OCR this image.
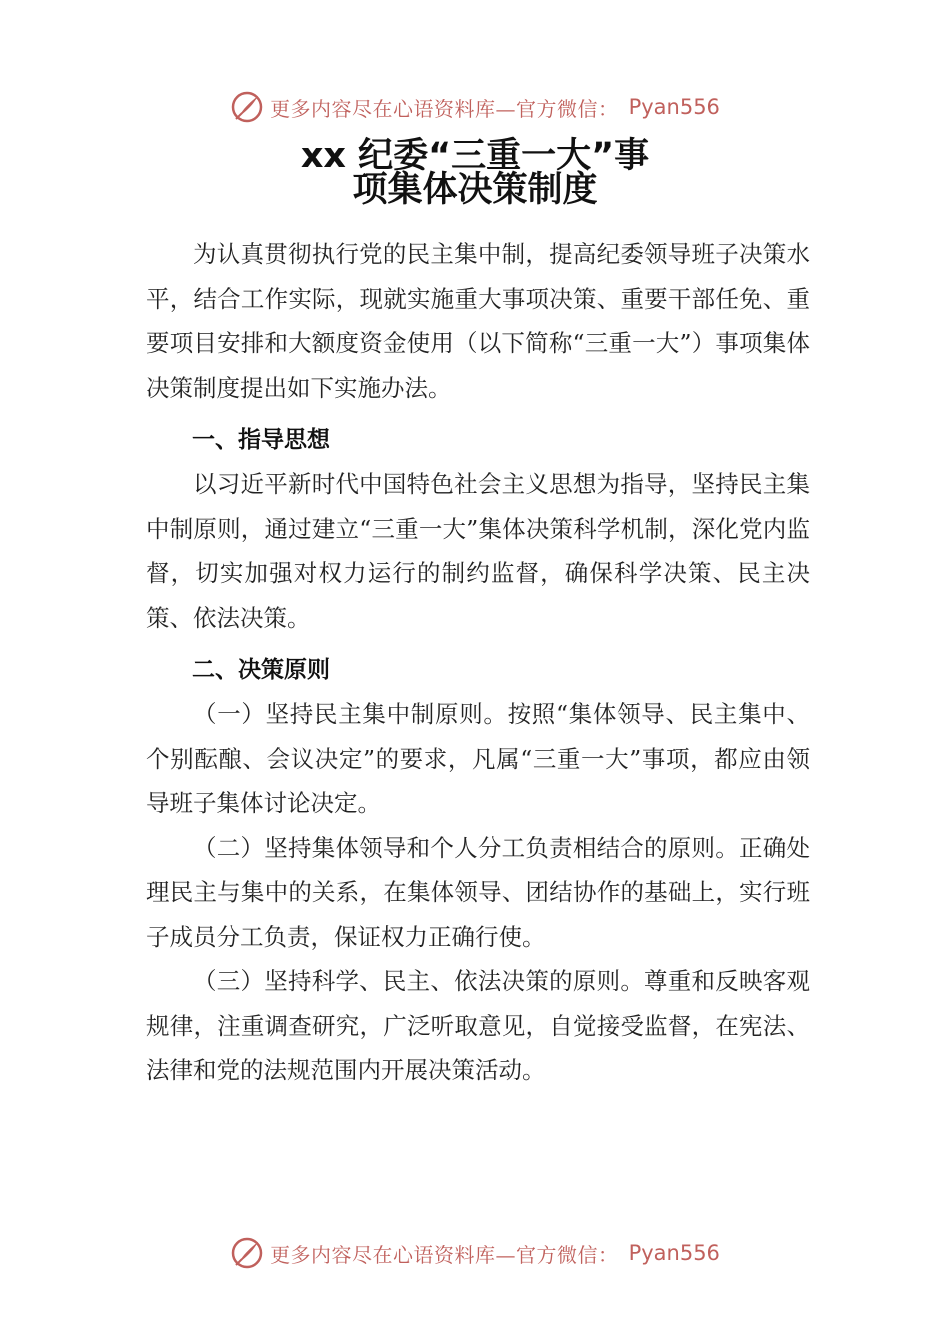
更多内容尽在心语资料库—官方微信： Pyan556
xx 纪委“三重一大”事
项集体决策制度

为认真贯彻执行党的民主集中制，提高纪委领导班子决策水平，结合工作实际，现就实施重大事项决策、重要干部任免、重要项目安排和大额度资金使用（以下简称“三重一大”）事项集体决策制度提出如下实施办法。

一、指导思想

以习近平新时代中国特色社会主义思想为指导，坚持民主集中制原则，通过建立“三重一大”集体决策科学机制，深化党内监督，切实加强对权力运行的制约监督，确保科学决策、民主决策、依法决策。

二、决策原则

（一）坚持民主集中制原则。按照“集体领导、民主集中、个别酝酿、会议决定”的要求，凡属“三重一大”事项，都应由领导班子集体讨论决定。

（二）坚持集体领导和个人分工负责相结合的原则。正确处理民主与集中的关系，在集体领导、团结协作的基础上，实行班子成员分工负责，保证权力正确行使。

（三）坚持科学、民主、依法决策的原则。尊重和反映客观规律，注重调查研究，广泛听取意见，自觉接受监督，在宪法、法律和党的法规范围内开展决策活动。

更多内容尽在心语资料库—官方微信： Pyan556
